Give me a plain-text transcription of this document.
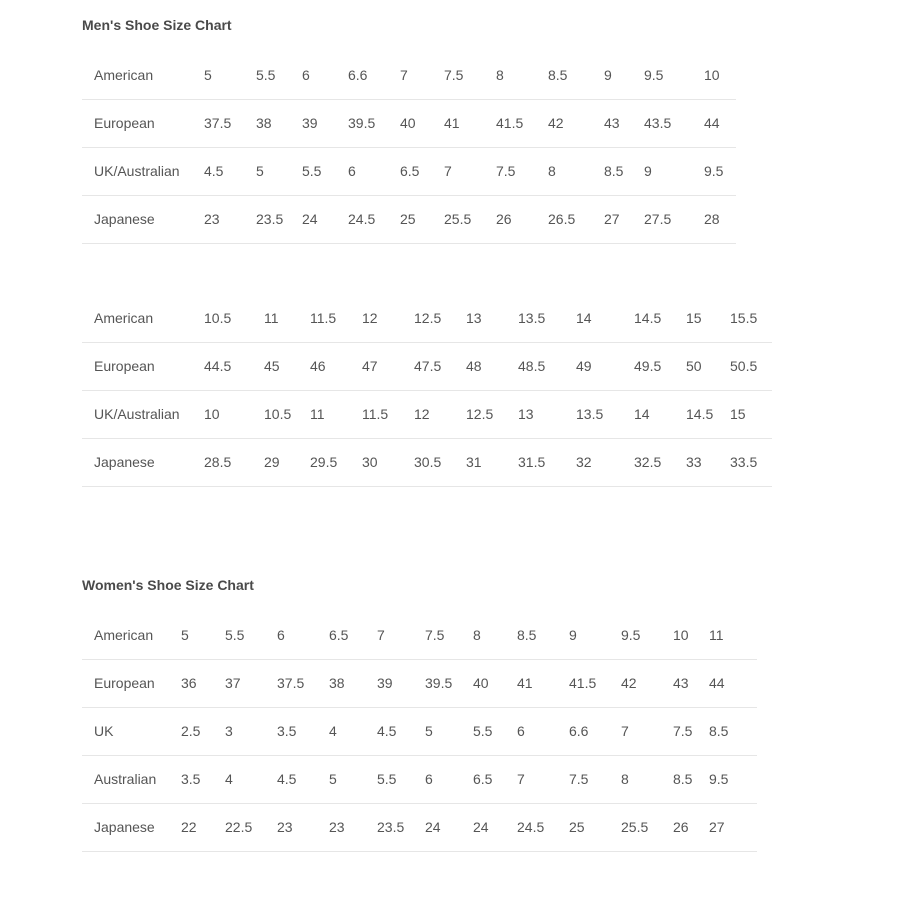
Men's Shoe Size Chart
American	5	5.5	6	6.6	7	7.5	8	8.5	9	9.5	10
European	37.5	38	39	39.5	40	41	41.5	42	43	43.5	44
UK/Australian	4.5	5	5.5	6	6.5	7	7.5	8	8.5	9	9.5
Japanese	23	23.5	24	24.5	25	25.5	26	26.5	27	27.5	28
American	10.5	11	11.5	12	12.5	13	13.5	14	14.5	15	15.5
European	44.5	45	46	47	47.5	48	48.5	49	49.5	50	50.5
UK/Australian	10	10.5	11	11.5	12	12.5	13	13.5	14	14.5	15
Japanese	28.5	29	29.5	30	30.5	31	31.5	32	32.5	33	33.5
Women's Shoe Size Chart
American	5	5.5	6	6.5	7	7.5	8	8.5	9	9.5	10	11
European	36	37	37.5	38	39	39.5	40	41	41.5	42	43	44
UK	2.5	3	3.5	4	4.5	5	5.5	6	6.6	7	7.5	8.5
Australian	3.5	4	4.5	5	5.5	6	6.5	7	7.5	8	8.5	9.5
Japanese	22	22.5	23	23	23.5	24	24	24.5	25	25.5	26	27
